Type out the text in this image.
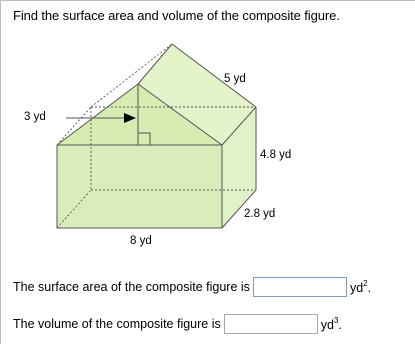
Find the surface area and volume of the composite figure.
5 yd
3 yd
4.8 yd
2.8 yd
8 yd
The surface area of the composite figure is	$yd^2$.
The volume of the composite figure is	$yd^3$.
